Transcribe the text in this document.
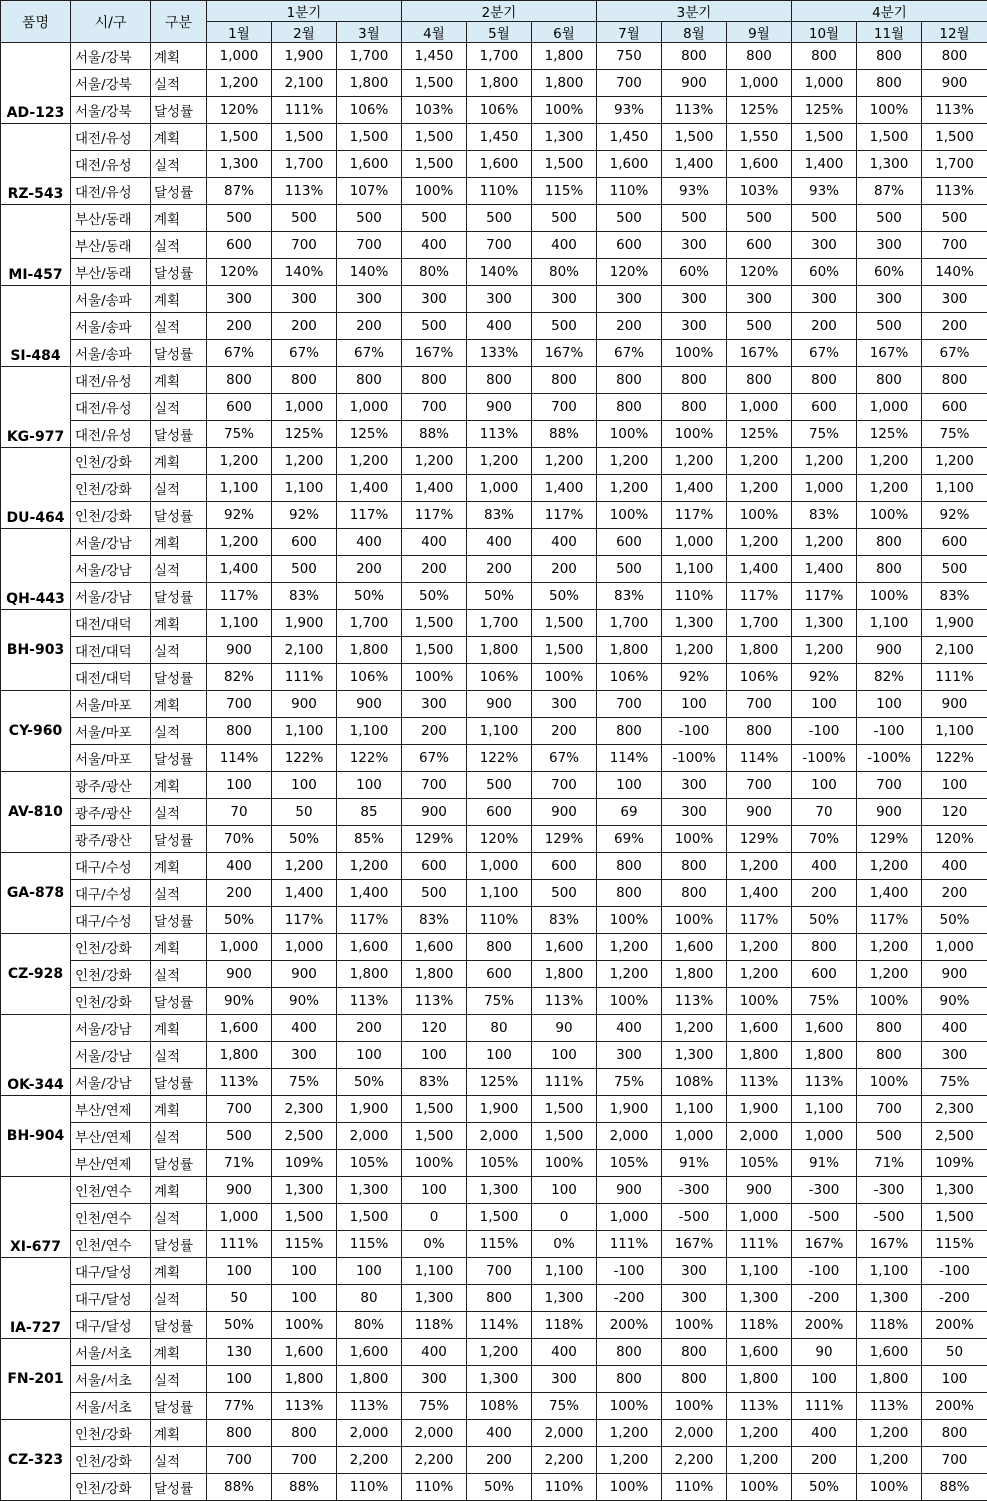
품명	시/구	구분	1분기			2분기			3분기			4분기		
			1월	2월	3월	4월	5월	6월	7월	8월	9월	10월	11월	12월
AD-123	서울/강북	계획	1,000	1,900	1,700	1,450	1,700	1,800	750	800	800	800	800	800
	서울/강북	실적	1,200	2,100	1,800	1,500	1,800	1,800	700	900	1,000	1,000	800	900
	서울/강북	달성률	120%	111%	106%	103%	106%	100%	93%	113%	125%	125%	100%	113%
RZ-543	대전/유성	계획	1,500	1,500	1,500	1,500	1,450	1,300	1,450	1,500	1,550	1,500	1,500	1,500
	대전/유성	실적	1,300	1,700	1,600	1,500	1,600	1,500	1,600	1,400	1,600	1,400	1,300	1,700
	대전/유성	달성률	87%	113%	107%	100%	110%	115%	110%	93%	103%	93%	87%	113%
MI-457	부산/동래	계획	500	500	500	500	500	500	500	500	500	500	500	500
	부산/동래	실적	600	700	700	400	700	400	600	300	600	300	300	700
	부산/동래	달성률	120%	140%	140%	80%	140%	80%	120%	60%	120%	60%	60%	140%
SI-484	서울/송파	계획	300	300	300	300	300	300	300	300	300	300	300	300
	서울/송파	실적	200	200	200	500	400	500	200	300	500	200	500	200
	서울/송파	달성률	67%	67%	67%	167%	133%	167%	67%	100%	167%	67%	167%	67%
KG-977	대전/유성	계획	800	800	800	800	800	800	800	800	800	800	800	800
	대전/유성	실적	600	1,000	1,000	700	900	700	800	800	1,000	600	1,000	600
	대전/유성	달성률	75%	125%	125%	88%	113%	88%	100%	100%	125%	75%	125%	75%
DU-464	인천/강화	계획	1,200	1,200	1,200	1,200	1,200	1,200	1,200	1,200	1,200	1,200	1,200	1,200
	인천/강화	실적	1,100	1,100	1,400	1,400	1,000	1,400	1,200	1,400	1,200	1,000	1,200	1,100
	인천/강화	달성률	92%	92%	117%	117%	83%	117%	100%	117%	100%	83%	100%	92%
QH-443	서울/강남	계획	1,200	600	400	400	400	400	600	1,000	1,200	1,200	800	600
	서울/강남	실적	1,400	500	200	200	200	200	500	1,100	1,400	1,400	800	500
	서울/강남	달성률	117%	83%	50%	50%	50%	50%	83%	110%	117%	117%	100%	83%
BH-903	대전/대덕	계획	1,100	1,900	1,700	1,500	1,700	1,500	1,700	1,300	1,700	1,300	1,100	1,900
	대전/대덕	실적	900	2,100	1,800	1,500	1,800	1,500	1,800	1,200	1,800	1,200	900	2,100
	대전/대덕	달성률	82%	111%	106%	100%	106%	100%	106%	92%	106%	92%	82%	111%
CY-960	서울/마포	계획	700	900	900	300	900	300	700	100	700	100	100	900
	서울/마포	실적	800	1,100	1,100	200	1,100	200	800	-100	800	-100	-100	1,100
	서울/마포	달성률	114%	122%	122%	67%	122%	67%	114%	-100%	114%	-100%	-100%	122%
AV-810	광주/광산	계획	100	100	100	700	500	700	100	300	700	100	700	100
	광주/광산	실적	70	50	85	900	600	900	69	300	900	70	900	120
	광주/광산	달성률	70%	50%	85%	129%	120%	129%	69%	100%	129%	70%	129%	120%
GA-878	대구/수성	계획	400	1,200	1,200	600	1,000	600	800	800	1,200	400	1,200	400
	대구/수성	실적	200	1,400	1,400	500	1,100	500	800	800	1,400	200	1,400	200
	대구/수성	달성률	50%	117%	117%	83%	110%	83%	100%	100%	117%	50%	117%	50%
CZ-928	인천/강화	계획	1,000	1,000	1,600	1,600	800	1,600	1,200	1,600	1,200	800	1,200	1,000
	인천/강화	실적	900	900	1,800	1,800	600	1,800	1,200	1,800	1,200	600	1,200	900
	인천/강화	달성률	90%	90%	113%	113%	75%	113%	100%	113%	100%	75%	100%	90%
OK-344	서울/강남	계획	1,600	400	200	120	80	90	400	1,200	1,600	1,600	800	400
	서울/강남	실적	1,800	300	100	100	100	100	300	1,300	1,800	1,800	800	300
	서울/강남	달성률	113%	75%	50%	83%	125%	111%	75%	108%	113%	113%	100%	75%
BH-904	부산/연제	계획	700	2,300	1,900	1,500	1,900	1,500	1,900	1,100	1,900	1,100	700	2,300
	부산/연제	실적	500	2,500	2,000	1,500	2,000	1,500	2,000	1,000	2,000	1,000	500	2,500
	부산/연제	달성률	71%	109%	105%	100%	105%	100%	105%	91%	105%	91%	71%	109%
XI-677	인천/연수	계획	900	1,300	1,300	100	1,300	100	900	-300	900	-300	-300	1,300
	인천/연수	실적	1,000	1,500	1,500	0	1,500	0	1,000	-500	1,000	-500	-500	1,500
	인천/연수	달성률	111%	115%	115%	0%	115%	0%	111%	167%	111%	167%	167%	115%
IA-727	대구/달성	계획	100	100	100	1,100	700	1,100	-100	300	1,100	-100	1,100	-100
	대구/달성	실적	50	100	80	1,300	800	1,300	-200	300	1,300	-200	1,300	-200
	대구/달성	달성률	50%	100%	80%	118%	114%	118%	200%	100%	118%	200%	118%	200%
FN-201	서울/서초	계획	130	1,600	1,600	400	1,200	400	800	800	1,600	90	1,600	50
	서울/서초	실적	100	1,800	1,800	300	1,300	300	800	800	1,800	100	1,800	100
	서울/서초	달성률	77%	113%	113%	75%	108%	75%	100%	100%	113%	111%	113%	200%
CZ-323	인천/강화	계획	800	800	2,000	2,000	400	2,000	1,200	2,000	1,200	400	1,200	800
	인천/강화	실적	700	700	2,200	2,200	200	2,200	1,200	2,200	1,200	200	1,200	700
	인천/강화	달성률	88%	88%	110%	110%	50%	110%	100%	110%	100%	50%	100%	88%
